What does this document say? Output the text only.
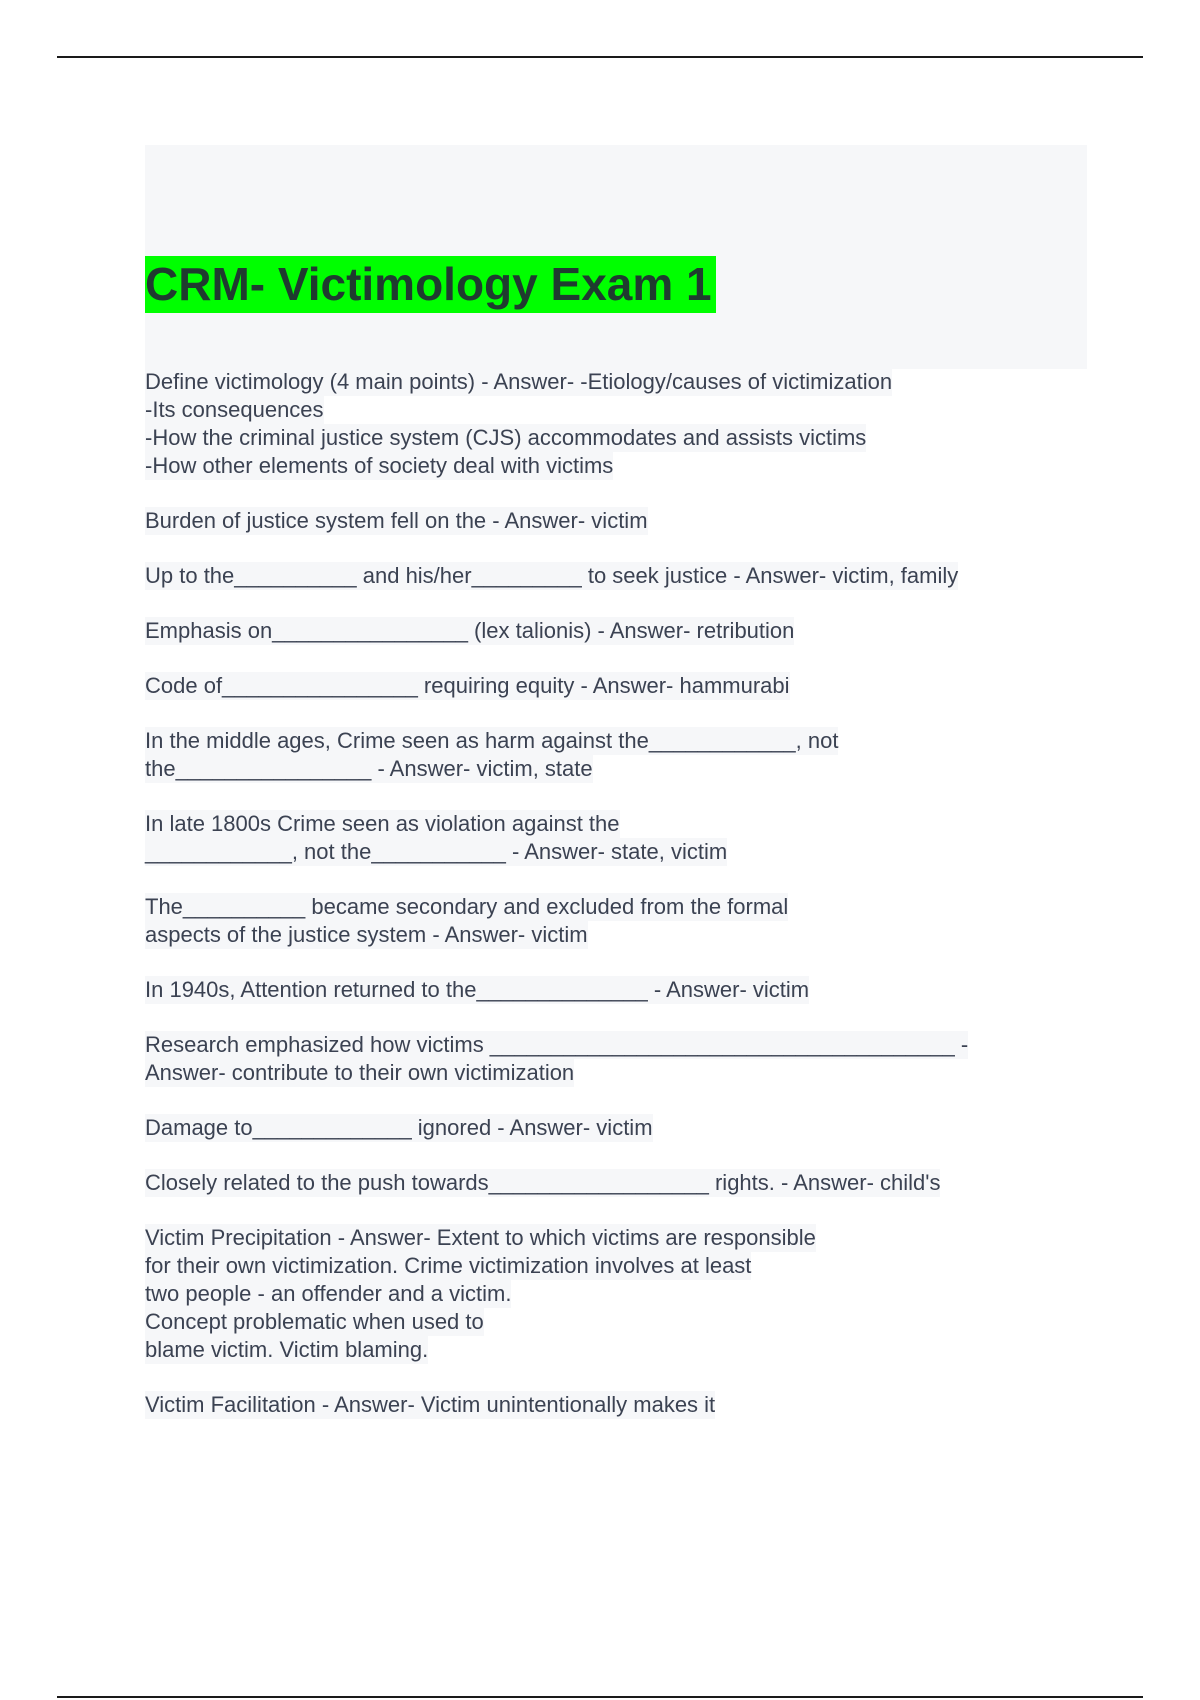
CRM- Victimology Exam 1
Define victimology (4 main points) - Answer- -Etiology/causes of victimization
-Its consequences
-How the criminal justice system (CJS) accommodates and assists victims
-How other elements of society deal with victims
Burden of justice system fell on the - Answer- victim
Up to the__________ and his/her_________ to seek justice - Answer- victim, family
Emphasis on________________ (lex talionis) - Answer- retribution
Code of________________ requiring equity - Answer- hammurabi
In the middle ages, Crime seen as harm against the____________, not
the________________ - Answer- victim, state
In late 1800s Crime seen as violation against the
____________, not the___________ - Answer- state, victim
The__________ became secondary and excluded from the formal
aspects of the justice system - Answer- victim
In 1940s, Attention returned to the______________ - Answer- victim
Research emphasized how victims ______________________________________ -
Answer- contribute to their own victimization
Damage to_____________ ignored - Answer- victim
Closely related to the push towards__________________ rights. - Answer- child's
Victim Precipitation - Answer- Extent to which victims are responsible
for their own victimization. Crime victimization involves at least
two people - an offender and a victim.
Concept problematic when used to
blame victim. Victim blaming.
Victim Facilitation - Answer- Victim unintentionally makes it
